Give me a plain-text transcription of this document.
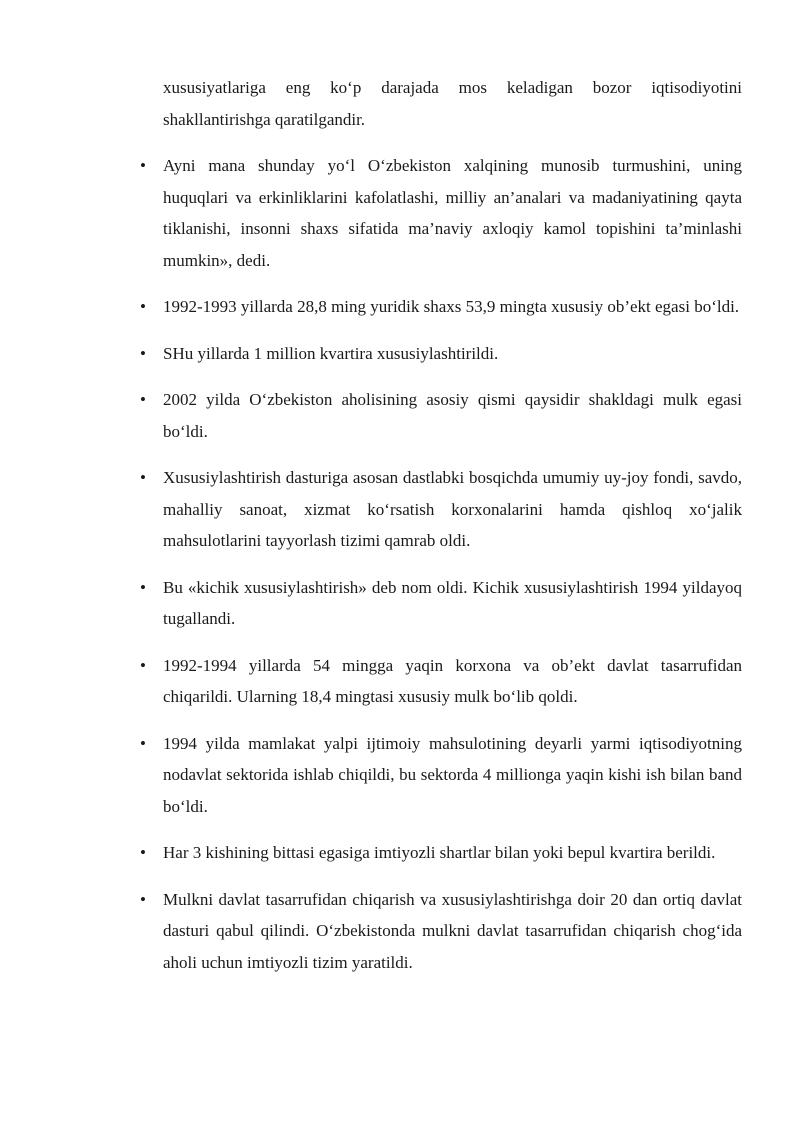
xususiyatlariga eng ko‘p darajada mos keladigan bozor iqtisodiyotini shakllantirishga qaratilgandir.

• Ayni mana shunday yo‘l O‘zbekiston xalqining munosib turmushini, uning huquqlari va erkinliklarini kafolatlashi, milliy an’analari va madaniyatining qayta tiklanishi, insonni shaxs sifatida ma’naviy axloqiy kamol topishini ta’minlashi mumkin», dedi.
• 1992-1993 yillarda 28,8 ming yuridik shaxs 53,9 mingta xususiy ob’ekt egasi bo‘ldi.
• SHu yillarda 1 million kvartira xususiylashtirildi.
• 2002 yilda O‘zbekiston aholisining asosiy qismi qaysidir shakldagi mulk egasi bo‘ldi.
• Xususiylashtirish dasturiga asosan dastlabki bosqichda umumiy uy-joy fondi, savdo, mahalliy sanoat, xizmat ko‘rsatish korxonalarini hamda qishloq xo‘jalik mahsulotlarini tayyorlash tizimi qamrab oldi.
• Bu «kichik xususiylashtirish» deb nom oldi. Kichik xususiylashtirish 1994 yildayoq tugallandi.
• 1992-1994 yillarda 54 mingga yaqin korxona va ob’ekt davlat tasarrufidan chiqarildi. Ularning 18,4 mingtasi xususiy mulk bo‘lib qoldi.
• 1994 yilda mamlakat yalpi ijtimoiy mahsulotining deyarli yarmi iqtisodiyotning nodavlat sektorida ishlab chiqildi, bu sektorda 4 millionga yaqin kishi ish bilan band bo‘ldi.
• Har 3 kishining bittasi egasiga imtiyozli shartlar bilan yoki bepul kvartira berildi.
• Mulkni davlat tasarrufidan chiqarish va xususiylashtirishga doir 20 dan ortiq davlat dasturi qabul qilindi. O‘zbekistonda mulkni davlat tasarrufidan chiqarish chog‘ida aholi uchun imtiyozli tizim yaratildi.
